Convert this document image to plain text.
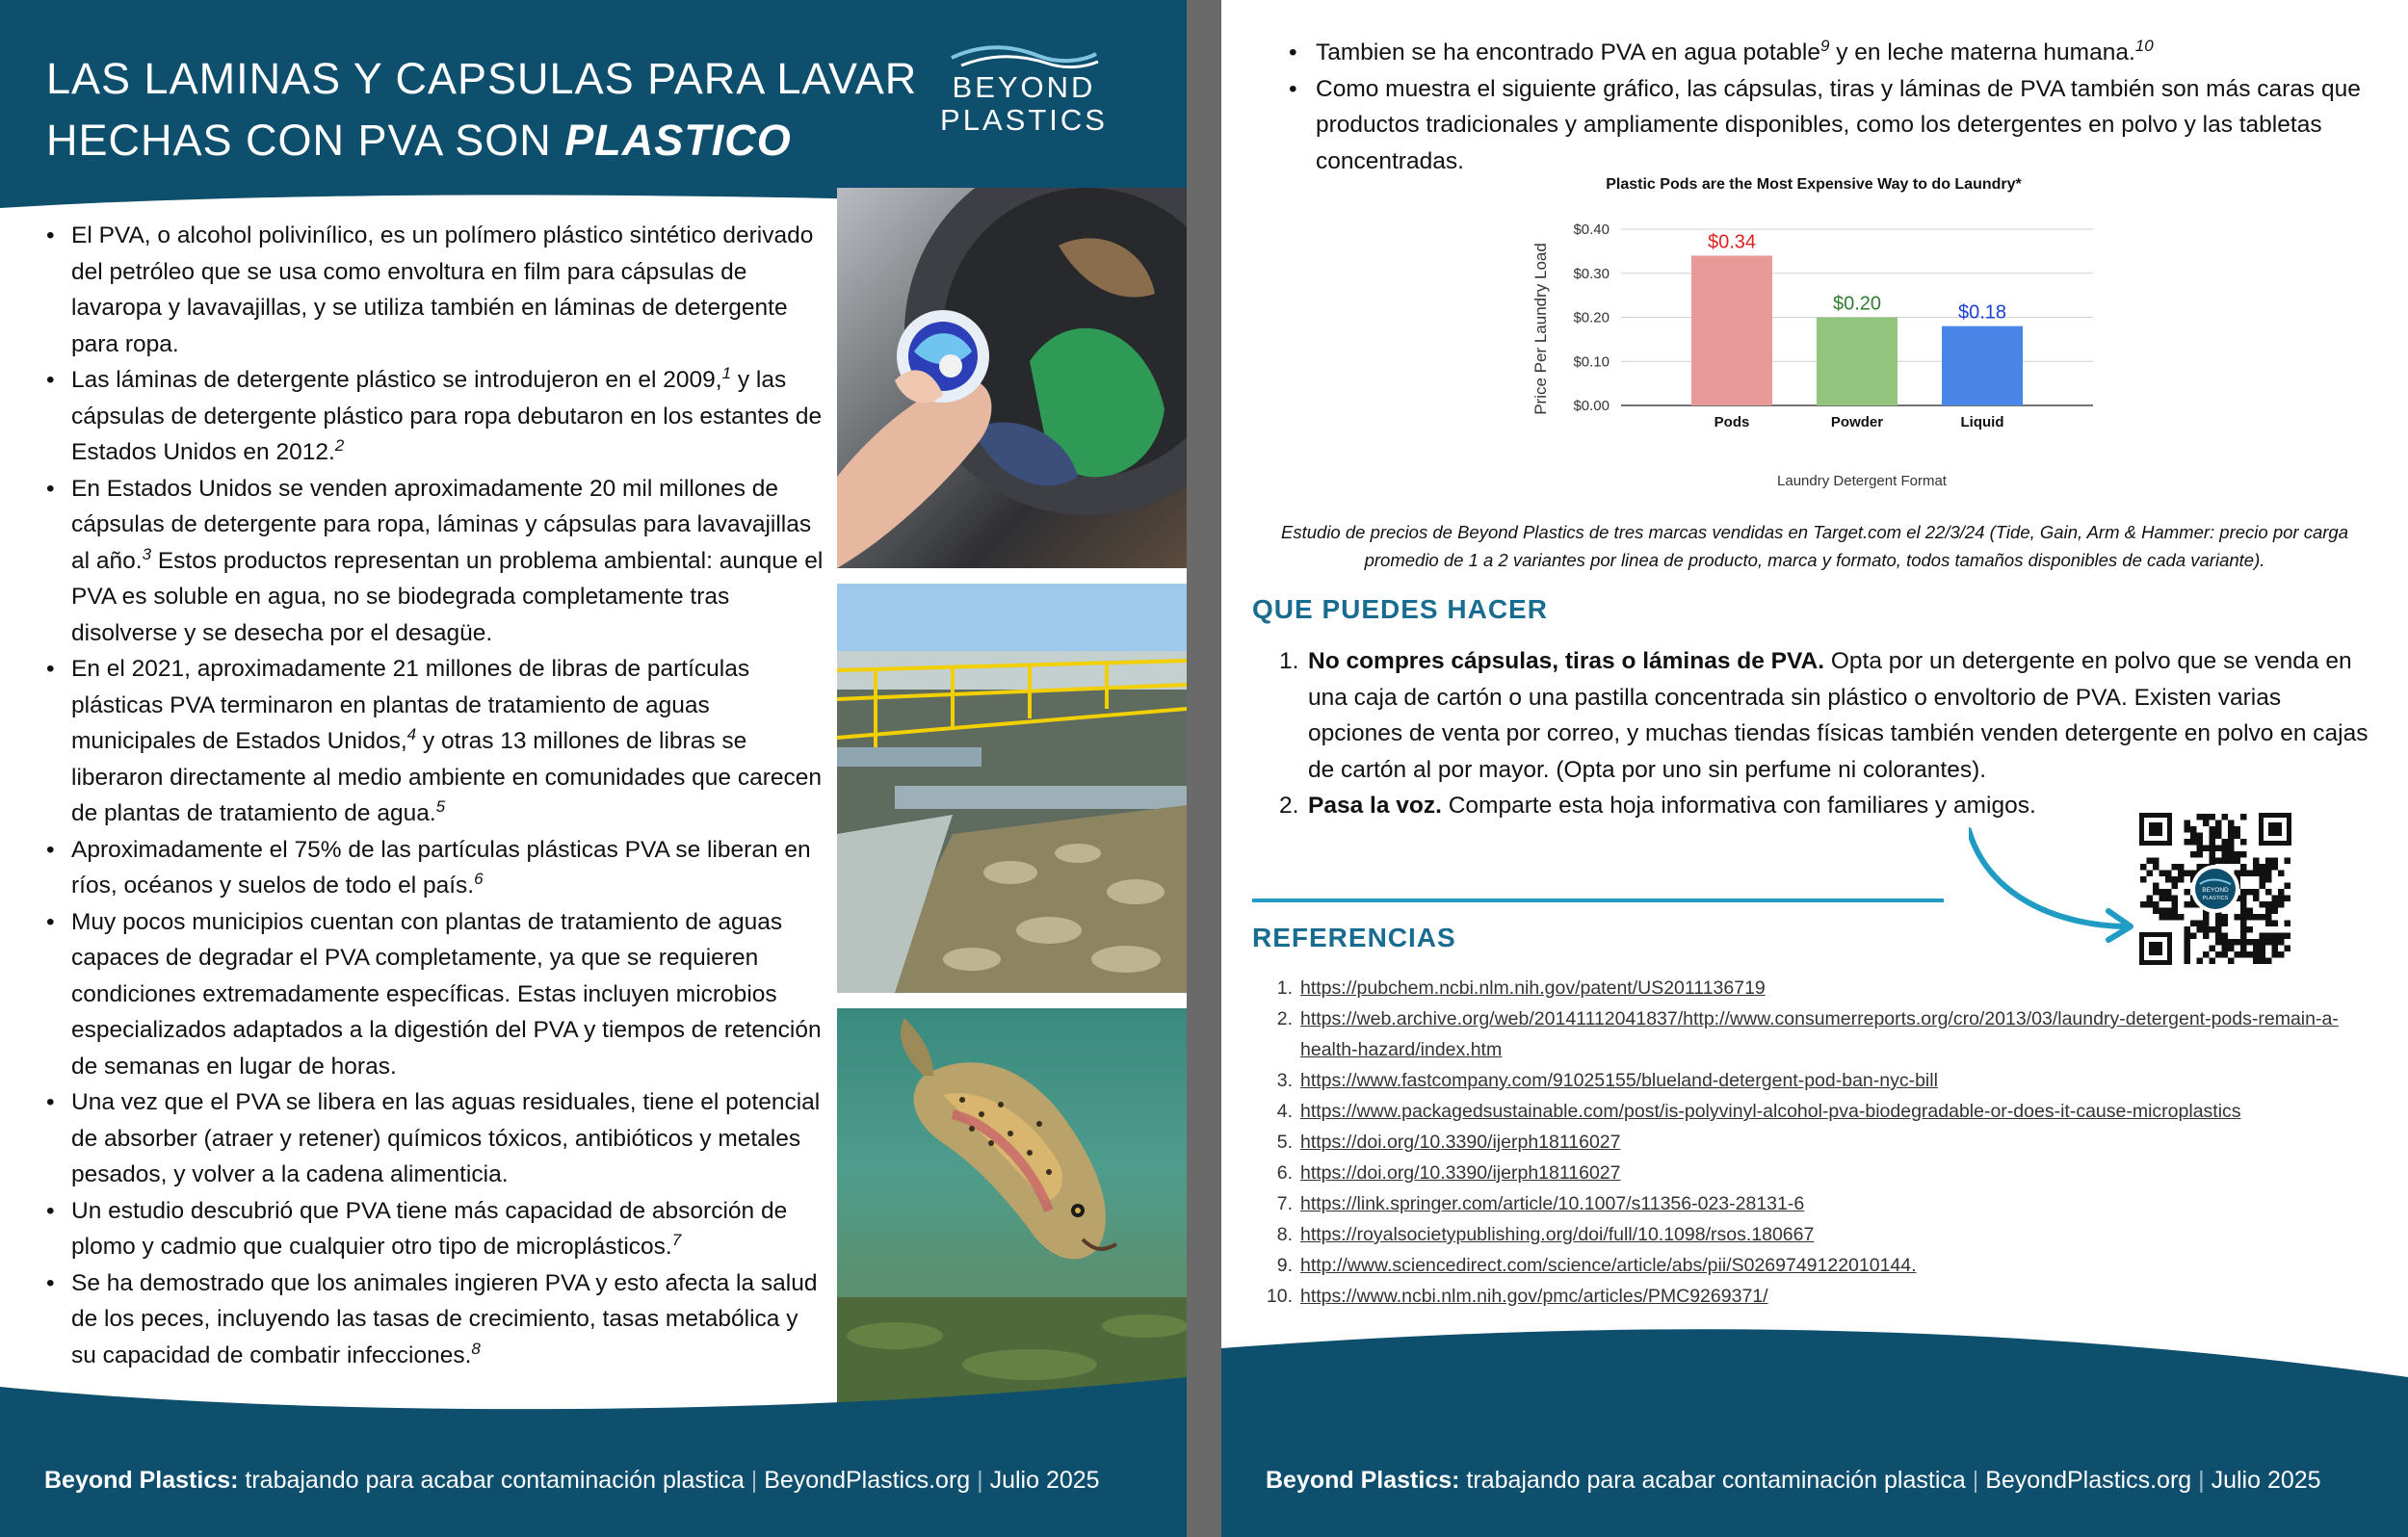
LAS LAMINAS Y CAPSULAS PARA LAVAR
HECHAS CON PVA SON PLASTICO
BEYOND
PLASTICS
• El PVA, o alcohol polivinílico, es un polímero plástico sintético derivado del petróleo que se usa como envoltura en film para cápsulas de lavaropa y lavavajillas, y se utiliza también en láminas de detergente para ropa.
• Las láminas de detergente plástico se introdujeron en el 2009,$^1$ y las cápsulas de detergente plástico para ropa debutaron en los estantes de Estados Unidos en 2012.$^2$
• En Estados Unidos se venden aproximadamente 20 mil millones de cápsulas de detergente para ropa, láminas y cápsulas para lavavajillas al año.$^3$ Estos productos representan un problema ambiental: aunque el PVA es soluble en agua, no se biodegrada completamente tras disolverse y se desecha por el desagüe.
• En el 2021, aproximadamente 21 millones de libras de partículas plásticas PVA terminaron en plantas de tratamiento de aguas municipales de Estados Unidos,$^4$ y otras 13 millones de libras se liberaron directamente al medio ambiente en comunidades que carecen de plantas de tratamiento de agua.$^5$
• Aproximadamente el 75% de las partículas plásticas PVA se liberan en ríos, océanos y suelos de todo el país.$^6$
• Muy pocos municipios cuentan con plantas de tratamiento de aguas capaces de degradar el PVA completamente, ya que se requieren condiciones extremadamente específicas. Estas incluyen microbios especializados adaptados a la digestión del PVA y tiempos de retención de semanas en lugar de horas.
• Una vez que el PVA se libera en las aguas residuales, tiene el potencial de absorber (atraer y retener) químicos tóxicos, antibióticos y metales pesados, y volver a la cadena alimenticia.
• Un estudio descubrió que PVA tiene más capacidad de absorción de plomo y cadmio que cualquier otro tipo de microplásticos.$^7$
• Se ha demostrado que los animales ingieren PVA y esto afecta la salud de los peces, incluyendo las tasas de crecimiento, tasas metabólica y su capacidad de combatir infecciones.$^8$
Beyond Plastics: trabajando para acabar contaminación plastica | BeyondPlastics.org | Julio 2025
• Tambien se ha encontrado PVA en agua potable$^9$ y en leche materna humana.$^{10}$
• Como muestra el siguiente gráfico, las cápsulas, tiras y láminas de PVA también son más caras que productos tradicionales y ampliamente disponibles, como los detergentes en polvo y las tabletas concentradas.
Plastic Pods are the Most Expensive Way to do Laundry*
$0.00
$0.10
$0.20
$0.30
$0.40
$0.34
Pods
$0.20
Powder
$0.18
Liquid
Laundry Detergent Format
Price Per Laundry Load

Estudio de precios de Beyond Plastics de tres marcas vendidas en Target.com el 22/3/24 (Tide, Gain, Arm & Hammer: precio por carga promedio de 1 a 2 variantes por linea de producto, marca y formato, todos tamaños disponibles de cada variante).

QUE PUEDES HACER
1. No compres cápsulas, tiras o láminas de PVA. Opta por un detergente en polvo que se venda en una caja de cartón o una pastilla concentrada sin plástico o envoltorio de PVA. Existen varias opciones de venta por correo, y muchas tiendas físicas también venden detergente en polvo en cajas de cartón al por mayor. (Opta por uno sin perfume ni colorantes).
2. Pasa la voz. Comparte esta hoja informativa con familiares y amigos.
BEYOND
PLASTICS
REFERENCIAS
1. https://pubchem.ncbi.nlm.nih.gov/patent/US2011136719
2. https://web.archive.org/web/20141112041837/http://www.consumerreports.org/cro/2013/03/laundry-detergent-pods-remain-a-health-hazard/index.htm
3. https://www.fastcompany.com/91025155/blueland-detergent-pod-ban-nyc-bill
4. https://www.packagedsustainable.com/post/is-polyvinyl-alcohol-pva-biodegradable-or-does-it-cause-microplastics
5. https://doi.org/10.3390/ijerph18116027
6. https://doi.org/10.3390/ijerph18116027
7. https://link.springer.com/article/10.1007/s11356-023-28131-6
8. https://royalsocietypublishing.org/doi/full/10.1098/rsos.180667
9. http://www.sciencedirect.com/science/article/abs/pii/S0269749122010144.
10. https://www.ncbi.nlm.nih.gov/pmc/articles/PMC9269371/
Beyond Plastics: trabajando para acabar contaminación plastica | BeyondPlastics.org | Julio 2025
